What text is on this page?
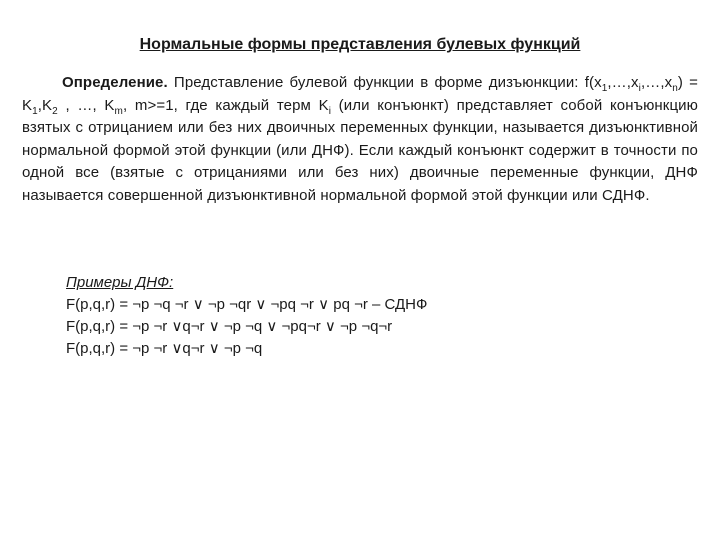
Нормальные формы представления булевых функций
Определение. Представление булевой функции в форме дизъюнкции: $f(x_1,\dots,x_i,\dots,x_n) = K_1,K_2$ , …, $K_m$, m>=1, где каждый терм $K_i$ (или конъюнкт) представляет собой конъюнкцию взятых с отрицанием или без них двоичных переменных функции, называется дизъюнктивной нормальной формой этой функции (или ДНФ). Если каждый конъюнкт содержит в точности по одной все (взятые с отрицаниями или без них) двоичные переменные функции, ДНФ называется совершенной дизъюнктивной нормальной формой этой функции или СДНФ.
Примеры ДНФ:
F(p,q,r) = ¬p ¬q ¬r ∨ ¬p ¬qr ∨ ¬pq ¬r ∨ pq ¬r – СДНФ
F(p,q,r) = ¬p ¬r ∨q¬r ∨ ¬p ¬q ∨ ¬pq¬r ∨ ¬p ¬q¬r
F(p,q,r) = ¬p ¬r ∨q¬r ∨ ¬p ¬q
